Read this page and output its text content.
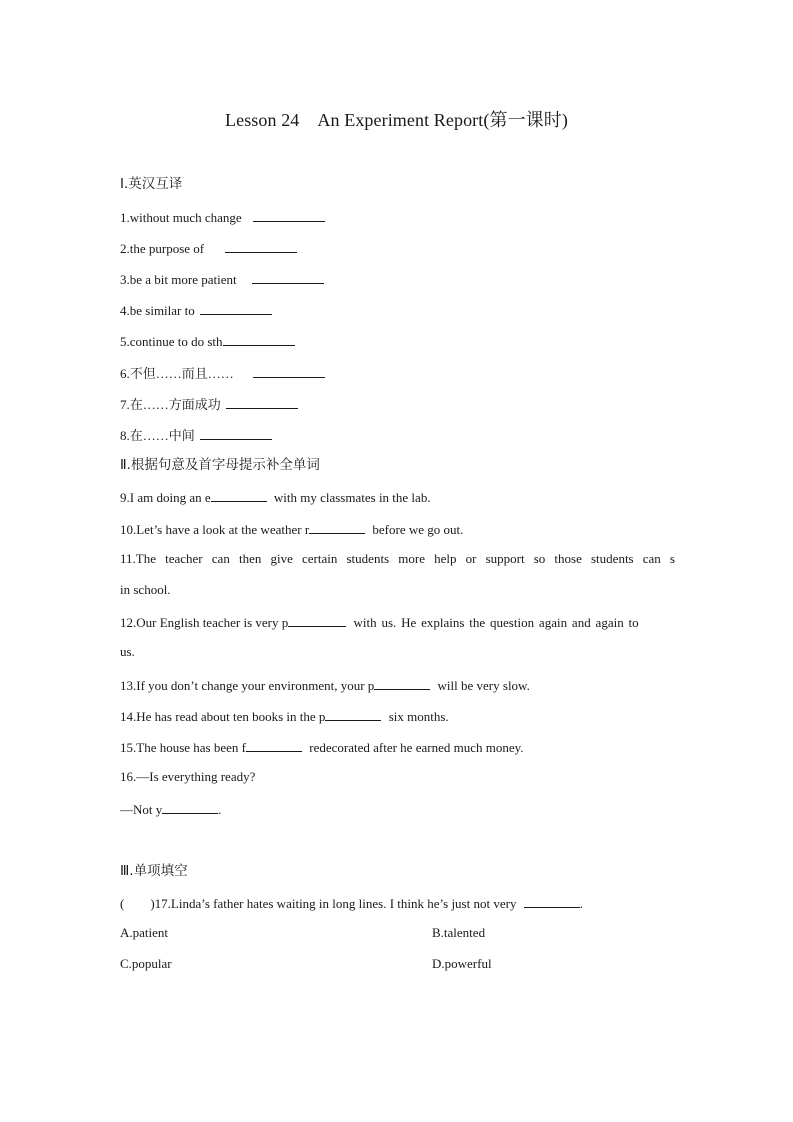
Lesson 24 An Experiment Report(第一课时)
Ⅰ.英汉互译
1.without much change
2.the purpose of
3.be a bit more patient
4.be similar to
5.continue to do sth
6.不但……而且……
7.在……方面成功
8.在……中间
Ⅱ.根据句意及首字母提示补全单词
9.I am doing an e	with my classmates in the lab.
10.Let’s have a look at the weather r	before we go out.
11.The teacher can then give certain students more help or support so those students can s
in school.
12.Our English teacher is very p	with us. He explains the question again and again to
us.
13.If you don’t change your environment, your p	will be very slow.
14.He has read about ten books in the p	six months.
15.The house has been f	redecorated after he earned much money.
16.—Is everything ready?
—Not y	.
Ⅲ.单项填空
(        )17.Linda’s father hates waiting in long lines. I think he’s just not very	.
A.patient	B.talented
C.popular	D.powerful
